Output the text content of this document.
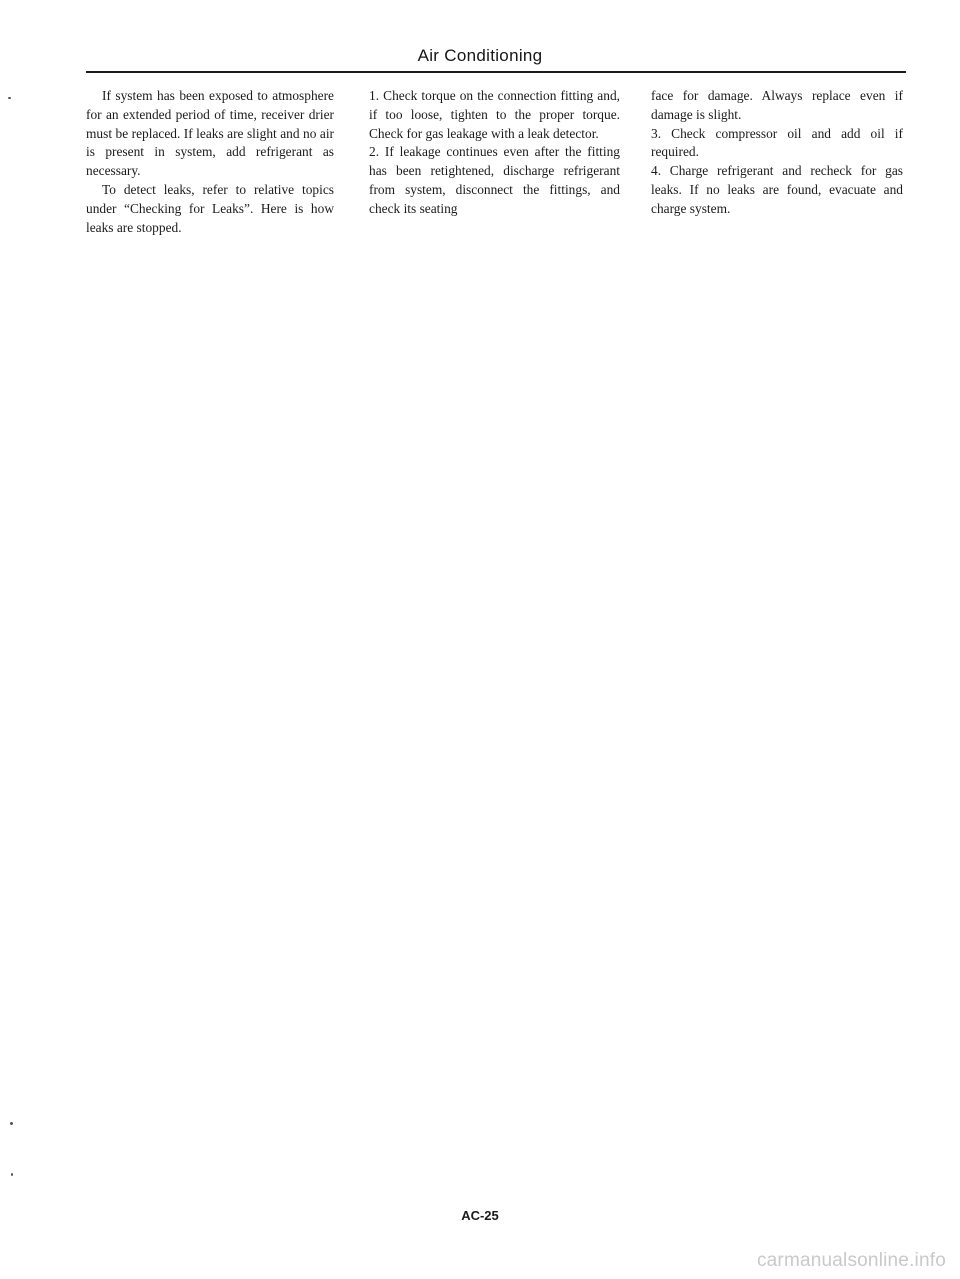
Air Conditioning

If system has been exposed to atmosphere for an extended period of time, receiver drier must be replaced. If leaks are slight and no air is present in system, add refrigerant as necessary.

To detect leaks, refer to relative topics under “Checking for Leaks”. Here is how leaks are stopped.

1. Check torque on the connection fitting and, if too loose, tighten to the proper torque. Check for gas leakage with a leak detector.

2. If leakage continues even after the fitting has been retightened, discharge refrigerant from system, disconnect the fittings, and check its seating

face for damage. Always replace even if damage is slight.

3. Check compressor oil and add oil if required.

4. Charge refrigerant and recheck for gas leaks. If no leaks are found, evacuate and charge system.

AC-25
carmanualsonline.info
